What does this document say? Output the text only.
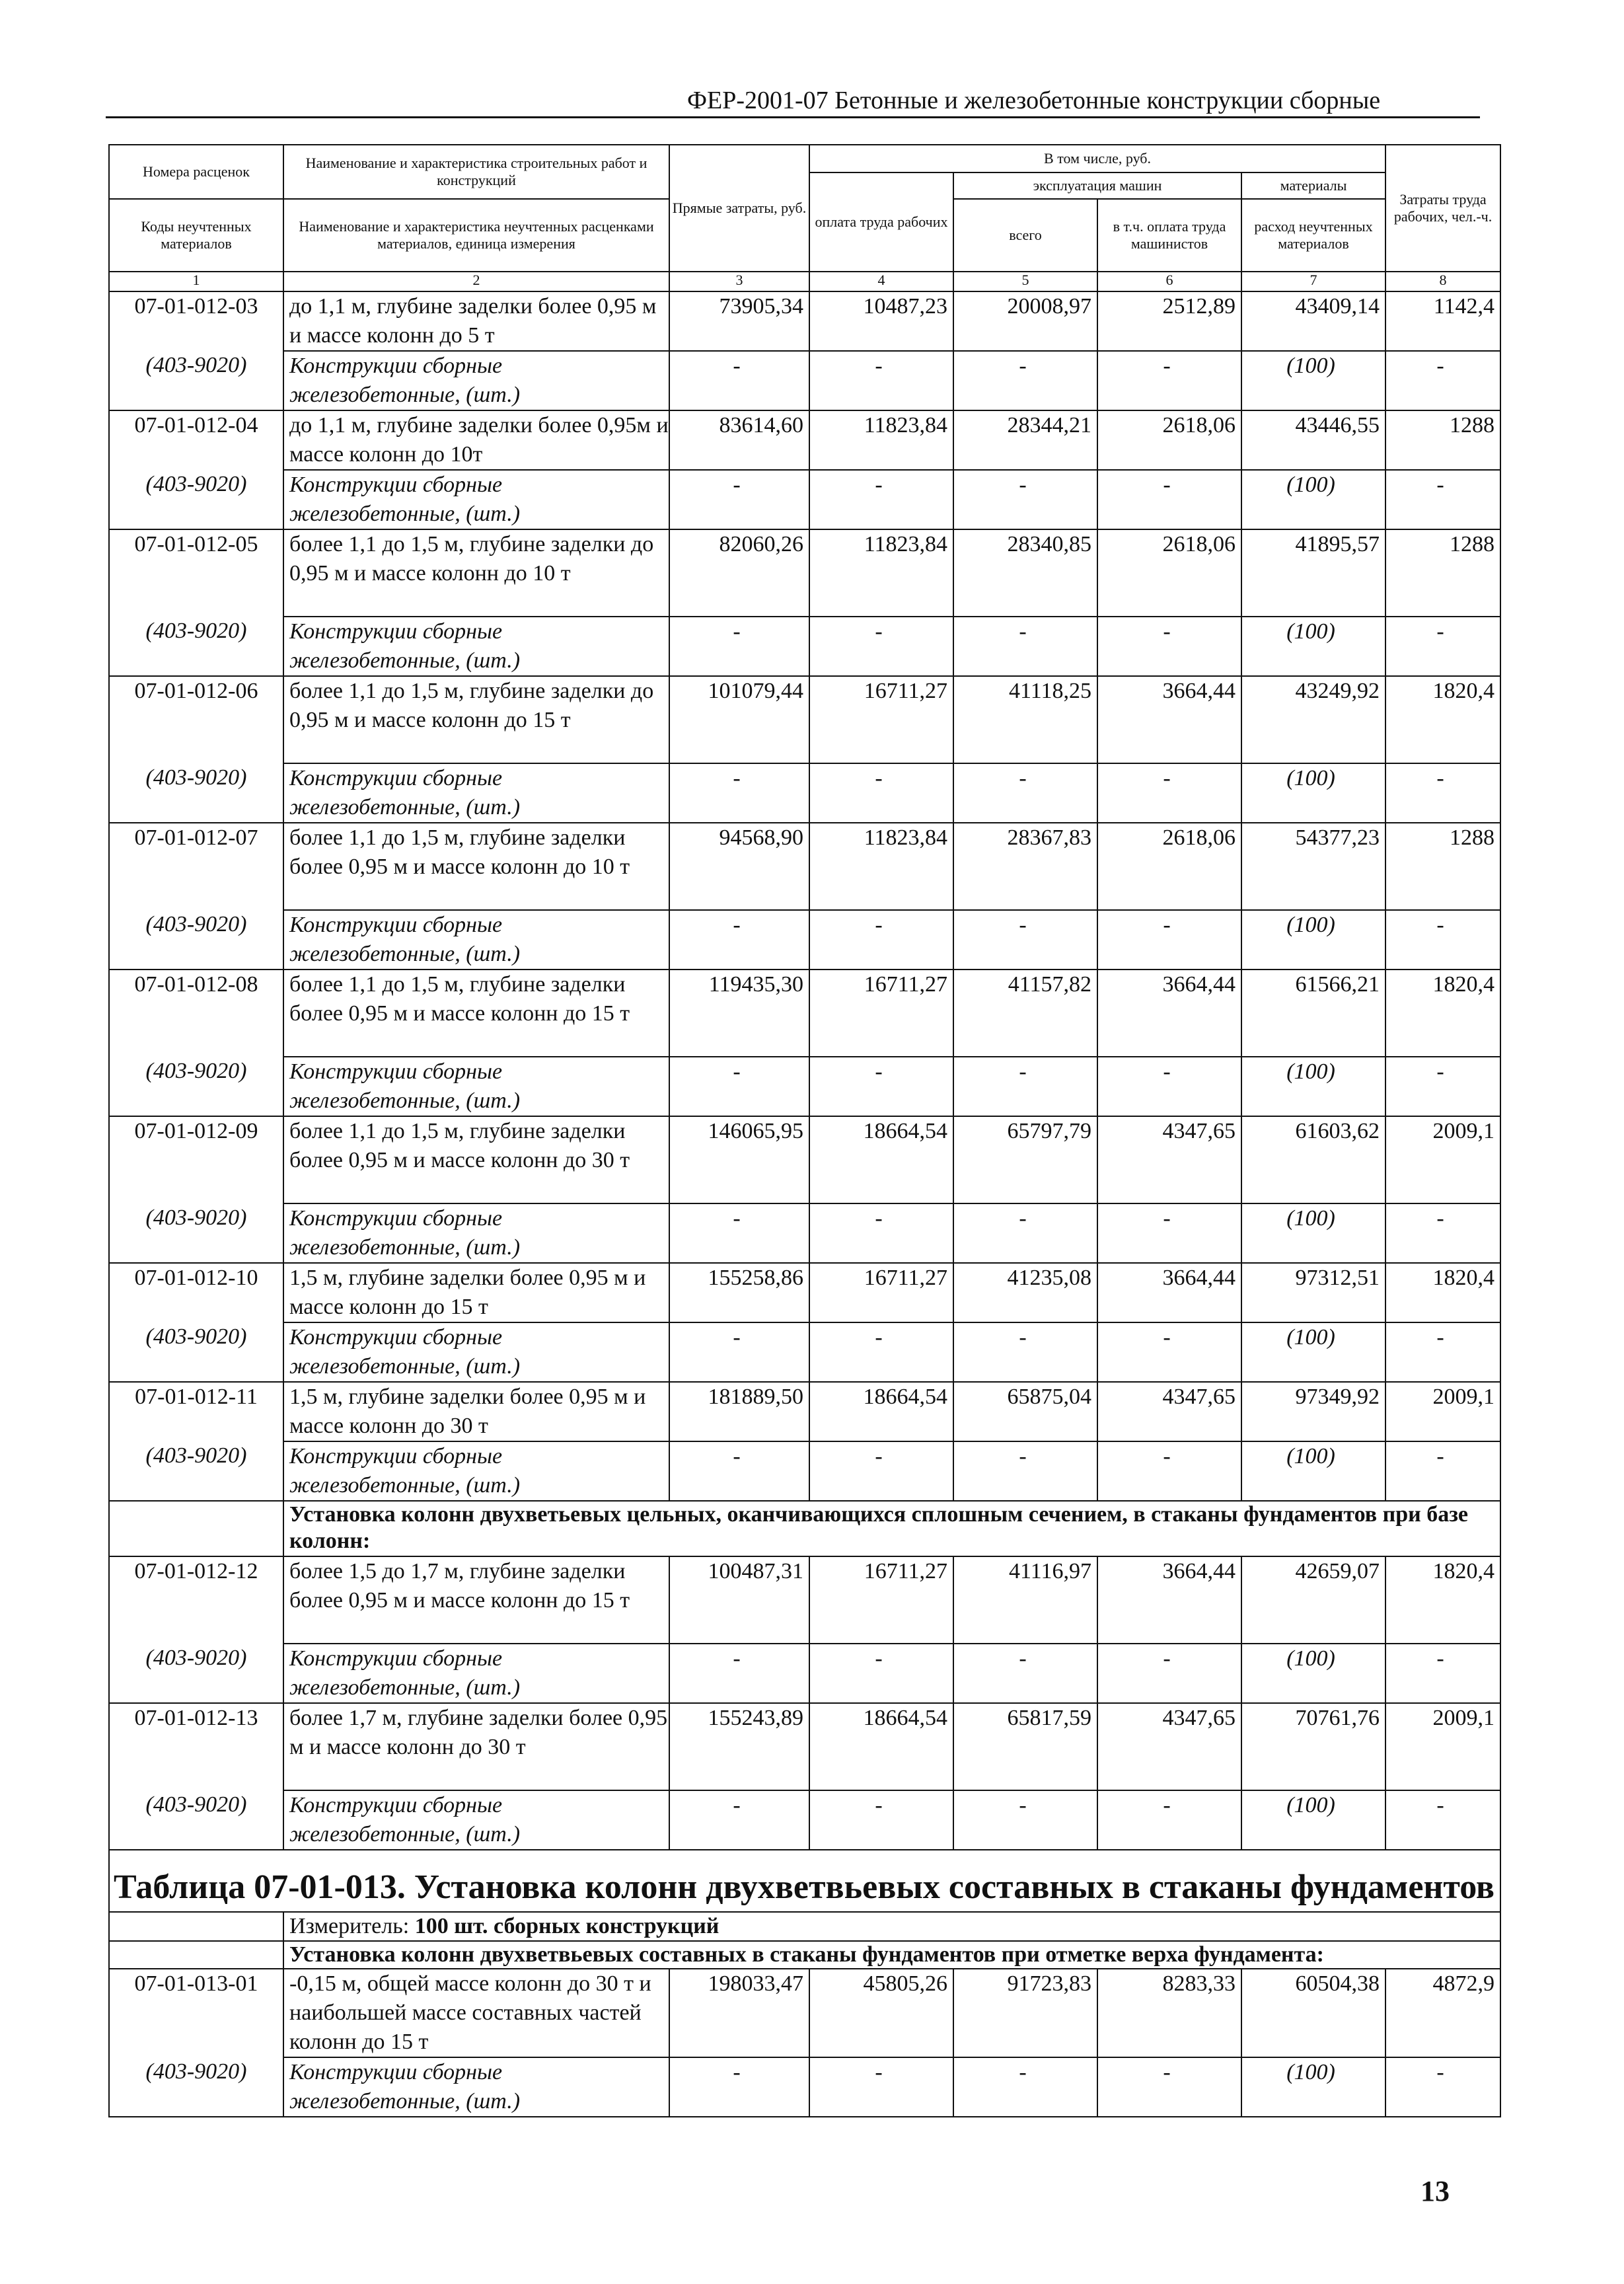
ФЕР-2001-07 Бетонные и железобетонные конструкции сборные
Номера расценок	Наименование и характеристика строительных работ и конструкций	Прямые затраты, руб.	В том числе, руб.				Затраты труда рабочих, чел.-ч.
			оплата труда рабочих	эксплуатация машин		материалы	
Коды неучтенных материалов	Наименование и характеристика неучтенных расценками материалов, единица измерения			всего	в т.ч. оплата труда машинистов	расход неучтенных материалов	

1	2	3	4	5	6	7	8
07-01-012-03	до 1,1 м, глубине заделки более 0,95 м и массе колонн до 5 т	73905,34	10487,23	20008,97	2512,89	43409,14	1142,4
(403-9020)	Конструкции сборные железобетонные, (шт.)	-	-	-	-	(100)	-
07-01-012-04	до 1,1 м, глубине заделки более 0,95м и массе колонн до 10т	83614,60	11823,84	28344,21	2618,06	43446,55	1288
(403-9020)	Конструкции сборные железобетонные, (шт.)	-	-	-	-	(100)	-
07-01-012-05	более 1,1 до 1,5 м, глубине заделки до 0,95 м и массе колонн до 10 т	82060,26	11823,84	28340,85	2618,06	41895,57	1288
(403-9020)	Конструкции сборные железобетонные, (шт.)	-	-	-	-	(100)	-
07-01-012-06	более 1,1 до 1,5 м, глубине заделки до 0,95 м и массе колонн до 15 т	101079,44	16711,27	41118,25	3664,44	43249,92	1820,4
(403-9020)	Конструкции сборные железобетонные, (шт.)	-	-	-	-	(100)	-
07-01-012-07	более 1,1 до 1,5 м, глубине заделки более 0,95 м и массе колонн до 10 т	94568,90	11823,84	28367,83	2618,06	54377,23	1288
(403-9020)	Конструкции сборные железобетонные, (шт.)	-	-	-	-	(100)	-
07-01-012-08	более 1,1 до 1,5 м, глубине заделки более 0,95 м и массе колонн до 15 т	119435,30	16711,27	41157,82	3664,44	61566,21	1820,4
(403-9020)	Конструкции сборные железобетонные, (шт.)	-	-	-	-	(100)	-
07-01-012-09	более 1,1 до 1,5 м, глубине заделки более 0,95 м и массе колонн до 30 т	146065,95	18664,54	65797,79	4347,65	61603,62	2009,1
(403-9020)	Конструкции сборные железобетонные, (шт.)	-	-	-	-	(100)	-
07-01-012-10	1,5 м, глубине заделки более 0,95 м и массе колонн до 15 т	155258,86	16711,27	41235,08	3664,44	97312,51	1820,4
(403-9020)	Конструкции сборные железобетонные, (шт.)	-	-	-	-	(100)	-
07-01-012-11	1,5 м, глубине заделки более 0,95 м и массе колонн до 30 т	181889,50	18664,54	65875,04	4347,65	97349,92	2009,1
(403-9020)	Конструкции сборные железобетонные, (шт.)	-	-	-	-	(100)	-
	Установка колонн двухветьевых цельных, оканчивающихся сплошным сечением, в стаканы фундаментов при базе колонн:						
07-01-012-12	более 1,5 до 1,7 м, глубине заделки более 0,95 м и массе колонн до 15 т	100487,31	16711,27	41116,97	3664,44	42659,07	1820,4
(403-9020)	Конструкции сборные железобетонные, (шт.)	-	-	-	-	(100)	-
07-01-012-13	более 1,7 м, глубине заделки более 0,95 м и массе колонн до 30 т	155243,89	18664,54	65817,59	4347,65	70761,76	2009,1
(403-9020)	Конструкции сборные железобетонные, (шт.)	-	-	-	-	(100)	-
Таблица 07-01-013. Установка колонн двухветвьевых составных в стаканы фундаментов							
	Измеритель: 100 шт. сборных конструкций						
	Установка колонн двухветвьевых составных в стаканы фундаментов при отметке верха фундамента:						
07-01-013-01	-0,15 м, общей массе колонн до 30 т и наибольшей массе составных частей колонн до 15 т	198033,47	45805,26	91723,83	8283,33	60504,38	4872,9
(403-9020)	Конструкции сборные железобетонные, (шт.)	-	-	-	-	(100)	-
13
